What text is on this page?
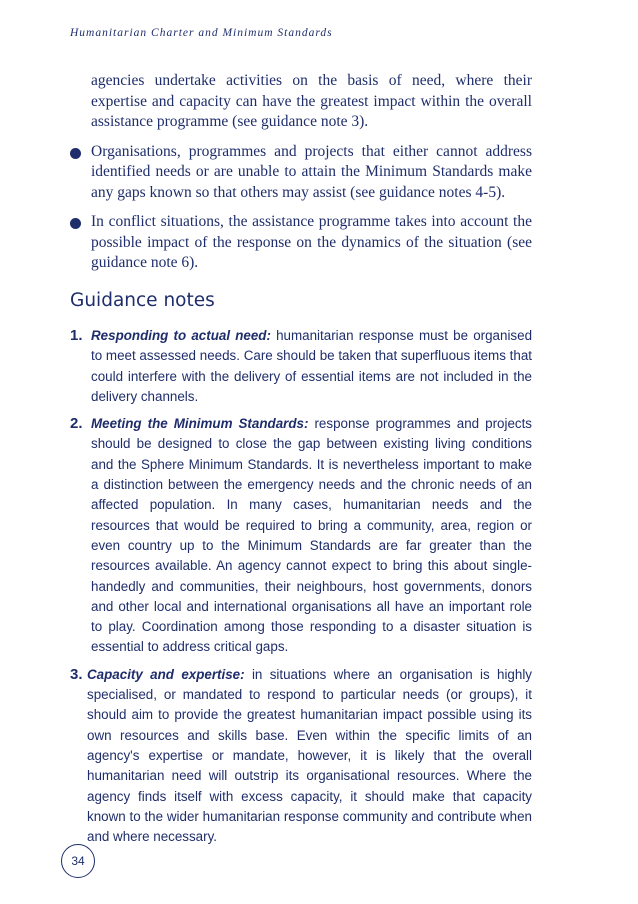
Humanitarian Charter and Minimum Standards

agencies undertake activities on the basis of need, where their expertise and capacity can have the greatest impact within the overall assistance programme (see guidance note 3).

Organisations, programmes and projects that either cannot address identified needs or are unable to attain the Minimum Standards make any gaps known so that others may assist (see guidance notes 4-5).
In conflict situations, the assistance programme takes into account the possible impact of the response on the dynamics of the situation (see guidance note 6).
Guidance notes
1. Responding to actual need: humanitarian response must be organised to meet assessed needs. Care should be taken that superfluous items that could interfere with the delivery of essential items are not included in the delivery channels.
2. Meeting the Minimum Standards: response programmes and projects should be designed to close the gap between existing living conditions and the Sphere Minimum Standards. It is nevertheless important to make a distinction between the emergency needs and the chronic needs of an affected population. In many cases, humanitarian needs and the resources that would be required to bring a community, area, region or even country up to the Minimum Standards are far greater than the resources available. An agency cannot expect to bring this about single-handedly and communities, their neighbours, host governments, donors and other local and international organisations all have an important role to play. Coordination among those responding to a disaster situation is essential to address critical gaps.
3. Capacity and expertise: in situations where an organisation is highly specialised, or mandated to respond to particular needs (or groups), it should aim to provide the greatest humanitarian impact possible using its own resources and skills base. Even within the specific limits of an agency's expertise or mandate, however, it is likely that the overall humanitarian need will outstrip its organisational resources. Where the agency finds itself with excess capacity, it should make that capacity known to the wider humanitarian response community and contribute when and where necessary.
34
